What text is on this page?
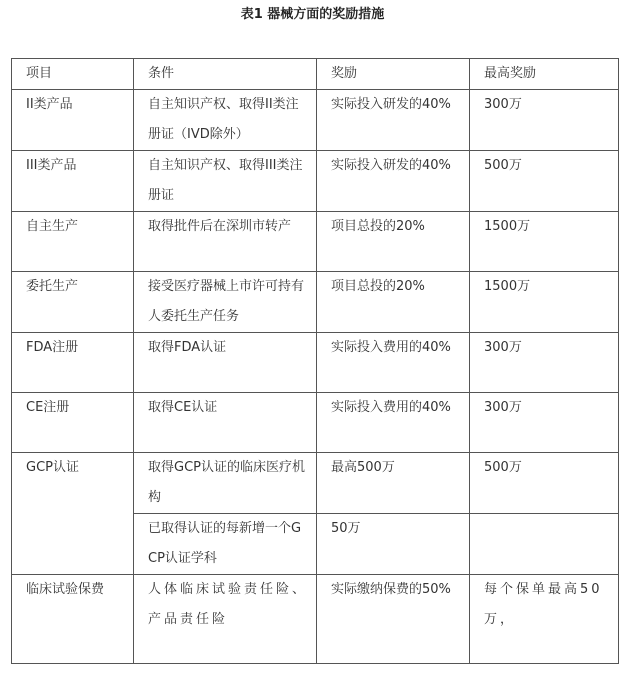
表1 器械方面的奖励措施
项目	条件	奖励	最高奖励
II类产品	自主知识产权、取得II类注册证（IVD除外）	实际投入研发的40%	300万
III类产品	自主知识产权、取得III类注册证	实际投入研发的40%	500万
自主生产	取得批件后在深圳市转产	项目总投的20%	1500万
委托生产	接受医疗器械上市许可持有人委托生产任务	项目总投的20%	1500万
FDA注册	取得FDA认证	实际投入费用的40%	300万
CE注册	取得CE认证	实际投入费用的40%	300万
GCP认证	取得GCP认证的临床医疗机构	最高500万	500万
	已取得认证的每新增一个GCP认证学科	50万	
临床试验保费	人体临床试验责任险、产品责任险	实际缴纳保费的50%	每个保单最高50万，
